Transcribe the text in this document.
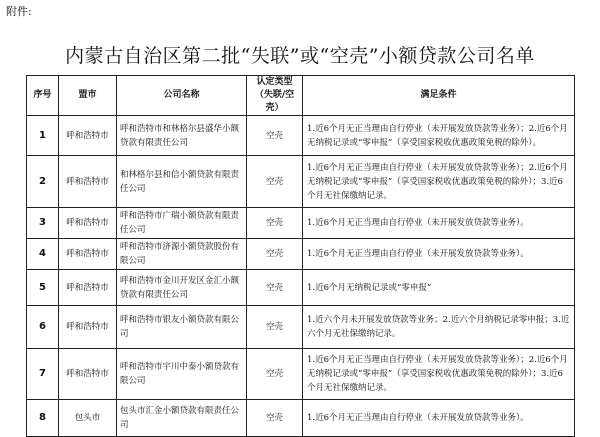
附件:
内蒙古自治区第二批“失联”或“空壳”小额贷款公司名单
序号	盟市	公司名称	认定类型（失联/空壳）	满足条件
1	呼和浩特市	呼和浩特市和林格尔县盛华小额贷款有限责任公司	空壳	1.近6个月无正当理由自行停业（未开展发放贷款等业务）；2.近6个月无纳税记录或“零申报”（享受国家税收优惠政策免税的除外）。
2	呼和浩特市	和林格尔县和信小额贷款有限责任公司	空壳	1.近6个月无正当理由自行停业（未开展发放贷款等业务）；2.近6个月无纳税记录或“零申报”（享受国家税收优惠政策免税的除外）；3.近6个月无社保缴纳记录。
3	呼和浩特市	呼和浩特市广瑞小额贷款有限责任公司	空壳	1.近6个月无正当理由自行停业（未开展发放贷款等业务）。
4	呼和浩特市	呼和浩特市济源小额贷款股份有限公司	空壳	1.近6个月无正当理由自行停业（未开展发放贷款等业务）。
5	呼和浩特市	呼和浩特市金川开发区金汇小额贷款有限责任公司	空壳	1.近6个月无纳税记录或“零申报”
6	呼和浩特市	呼和浩特市银友小额贷款有限公司	空壳	1.近六个月未开展发放贷款等业务；2.近六个月纳税记录零申报；3.近六个月无社保缴纳记录。
7	呼和浩特市	呼和浩特市宇川中泰小额贷款有限公司	空壳	1.近6个月无正当理由自行停业（未开展发放贷款等业务）；2.近6个月无纳税记录或“零申报”（享受国家税收优惠政策免税的除外）；3.近6个月无社保缴纳记录。
8	包头市	包头市汇金小额贷款有限责任公司	空壳	1.近6个月无正当理由自行停业（未开展发放贷款等业务）。
